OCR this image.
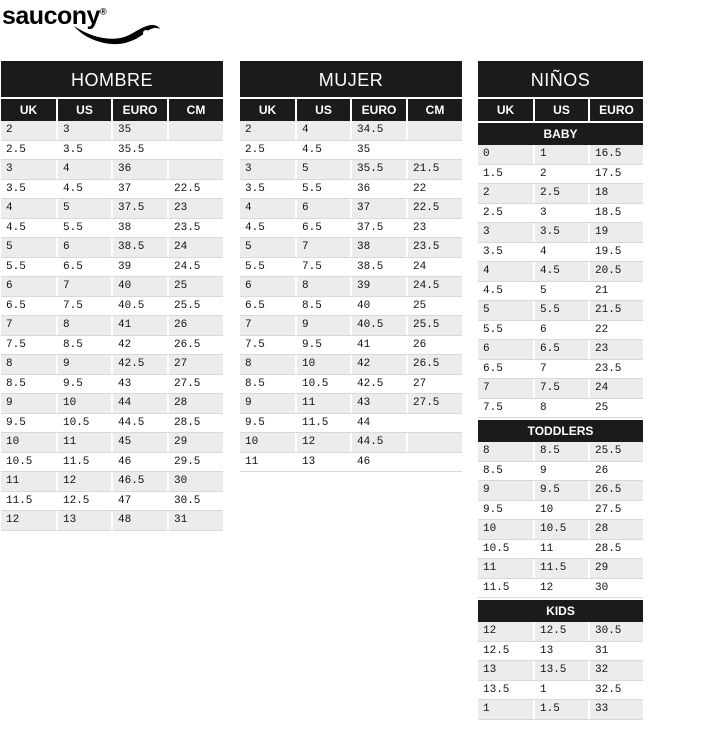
saucony®
HOMBRE
UK	US	EURO	CM
2	3	35
2.5	3.5	35.5
3	4	36
3.5	4.5	37	22.5
4	5	37.5	23
4.5	5.5	38	23.5
5	6	38.5	24
5.5	6.5	39	24.5
6	7	40	25
6.5	7.5	40.5	25.5
7	8	41	26
7.5	8.5	42	26.5
8	9	42.5	27
8.5	9.5	43	27.5
9	10	44	28
9.5	10.5	44.5	28.5
10	11	45	29
10.5	11.5	46	29.5
11	12	46.5	30
11.5	12.5	47	30.5
12	13	48	31
MUJER
UK	US	EURO	CM
2	4	34.5
2.5	4.5	35
3	5	35.5	21.5
3.5	5.5	36	22
4	6	37	22.5
4.5	6.5	37.5	23
5	7	38	23.5
5.5	7.5	38.5	24
6	8	39	24.5
6.5	8.5	40	25
7	9	40.5	25.5
7.5	9.5	41	26
8	10	42	26.5
8.5	10.5	42.5	27
9	11	43	27.5
9.5	11.5	44
10	12	44.5
11	13	46
NIÑOS
UK	US	EURO
BABY
0	1	16.5
1.5	2	17.5
2	2.5	18
2.5	3	18.5
3	3.5	19
3.5	4	19.5
4	4.5	20.5
4.5	5	21
5	5.5	21.5
5.5	6	22
6	6.5	23
6.5	7	23.5
7	7.5	24
7.5	8	25
TODDLERS
8	8.5	25.5
8.5	9	26
9	9.5	26.5
9.5	10	27.5
10	10.5	28
10.5	11	28.5
11	11.5	29
11.5	12	30
KIDS
12	12.5	30.5
12.5	13	31
13	13.5	32
13.5	1	32.5
1	1.5	33
